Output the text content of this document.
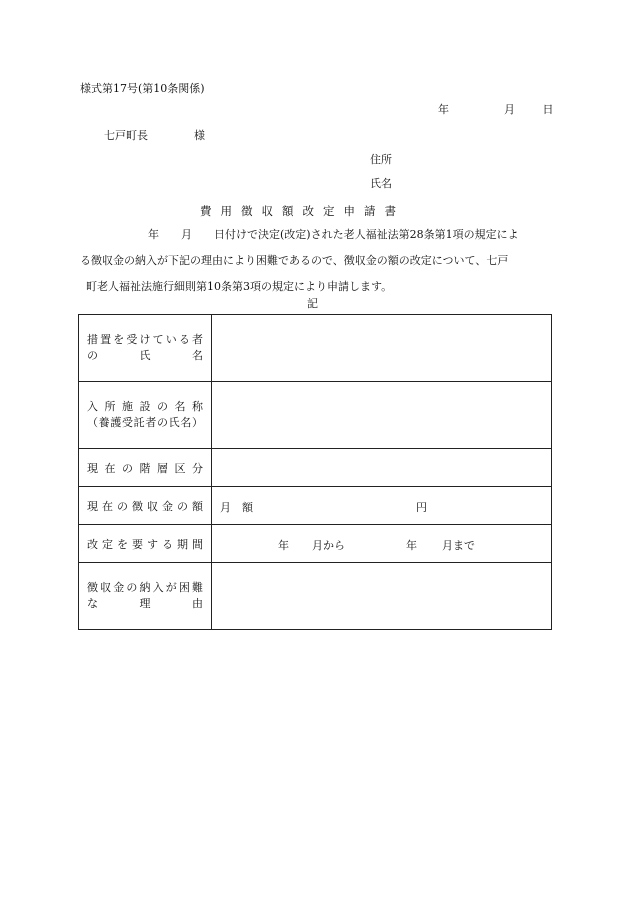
様式第17号(第10条関係)
年	月	日
七戸町長	様
住所
氏名
費用徴収額改定申請書
年　　月　　日付けで決定(改定)された老人福祉法第28条第1項の規定によ
る徴収金の納入が下記の理由により困難であるので、徴収金の額の改定について、七戸
町老人福祉法施行細則第10条第3項の規定により申請します。
記
措置を受けている者
の 氏 名	

入所施設の名称
（養護受託者の氏名）	

現在の階層区分	

現在の徴収金の額	月　額 円

改定を要する期間	年 月から 年 月まで

徴収金の納入が困難
な 理 由	
